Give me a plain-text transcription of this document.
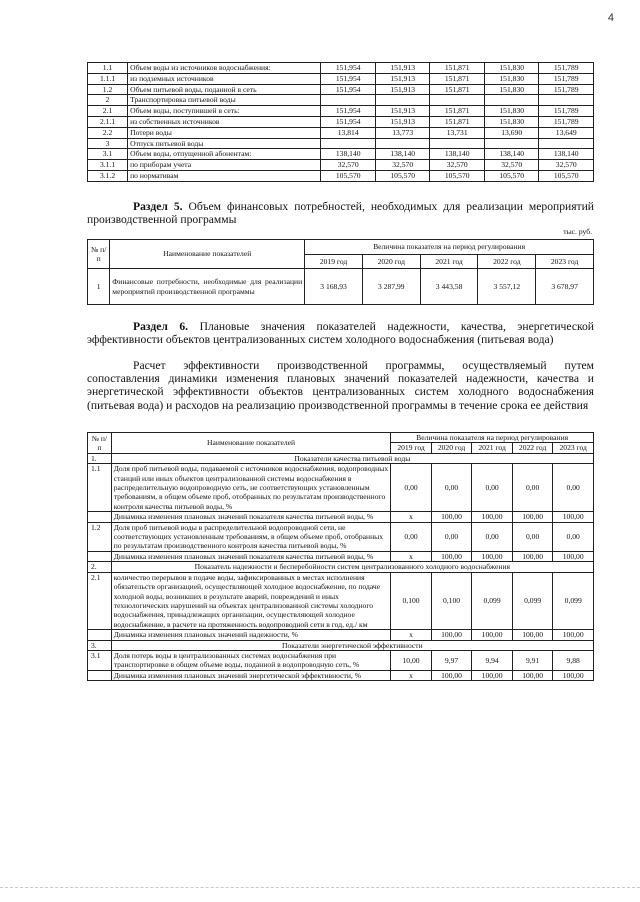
4
1.1	Объем воды из источников водоснабжения:	151,954	151,913	151,871	151,830	151,789
1.1.1	из подземных источников	151,954	151,913	151,871	151,830	151,789
1.2	Объем питьевой воды, поданной в сеть	151,954	151,913	151,871	151,830	151,789
2	Транспортировка питьевой воды					
2.1	Объем воды, поступившей в сеть:	151,954	151,913	151,871	151,830	151,789
2.1.1	из собственных источников	151,954	151,913	151,871	151,830	151,789
2.2	Потери воды	13,814	13,773	13,731	13,690	13,649
3	Отпуск питьевой воды					
3.1	Объем воды, отпущенной абонентам:	138,140	138,140	138,140	138,140	138,140
3.1.1	по приборам учета	32,570	32,570	32,570	32,570	32,570
3.1.2	по нормативам	105,570	105,570	105,570	105,570	105,570
Раздел 5. Объем финансовых потребностей, необходимых для реализации мероприятий производственной программы
тыс. руб.
№ п/п	Наименование показателей	Величина показателя на период регулирования				
		2019 год	2020 год	2021 год	2022 год	2023 год
1	Финансовые потребности, необходимые для реализации мероприятий производственной программы	3 168,93	3 287,99	3 443,58	3 557,12	3 678,97
Раздел 6. Плановые значения показателей надежности, качества, энергетической эффективности объектов централизованных систем холодного водоснабжения (питьевая вода)
Расчет эффективности производственной программы, осуществляемый путем сопоставления динамики изменения плановых значений показателей надежности, качества и энергетической эффективности объектов централизованных систем холодного водоснабжения (питьевая вода) и расходов на реализацию производственной программы в течение срока ее действия
№ п/п	Наименование показателей	Величина показателя на период регулирования				
		2019 год	2020 год	2021 год	2022 год	2023 год
1.	Показатели качества питьевой воды					
1.1	Доля проб питьевой воды, подаваемой с источников водоснабжения, водопроводных станций или иных объектов централизованной системы водоснабжения в распределительную водопроводную сеть, не соответствующих установленным требованиям, в общем объеме проб, отобранных по результатам производственного контроля качества питьевой воды, %	0,00	0,00	0,00	0,00	0,00
	Динамика изменения плановых значений показателя качества питьевой воды, %	x	100,00	100,00	100,00	100,00
1.2	Доля проб питьевой воды в распределительной водопроводной сети, не соответствующих установленным требованиям, в общем объеме проб, отобранных по результатам производственного контроля качества питьевой воды, %	0,00	0,00	0,00	0,00	0,00
	Динамика изменения плановых значений показателя качества питьевой воды, %	x	100,00	100,00	100,00	100,00
2.	Показатель надежности и бесперебойности систем централизованного холодного водоснабжения					
2.1	количество перерывов в подаче воды, зафиксированных в местах исполнения обязательств организацией, осуществляющей холодное водоснабжение, по подаче холодной воды, возникших в результате аварий, повреждений и иных технологических нарушений на объектах централизованной системы холодного водоснабжения, принадлежащих организации, осуществляющей холодное водоснабжение, в расчете на протяженность водопроводной сети в год, ед./ км	0,100	0,100	0,099	0,099	0,099
	Динамика изменения плановых значений надежности, %	x	100,00	100,00	100,00	100,00
3.	Показатели энергетической эффективности					
3.1	Доля потерь воды в централизованных системах водоснабжения при транспортировке в общем объеме воды, поданной в водопроводную сеть, %	10,00	9,97	9,94	9,91	9,88
	Динамика изменения плановых значений энергетической эффективности, %	x	100,00	100,00	100,00	100,00
